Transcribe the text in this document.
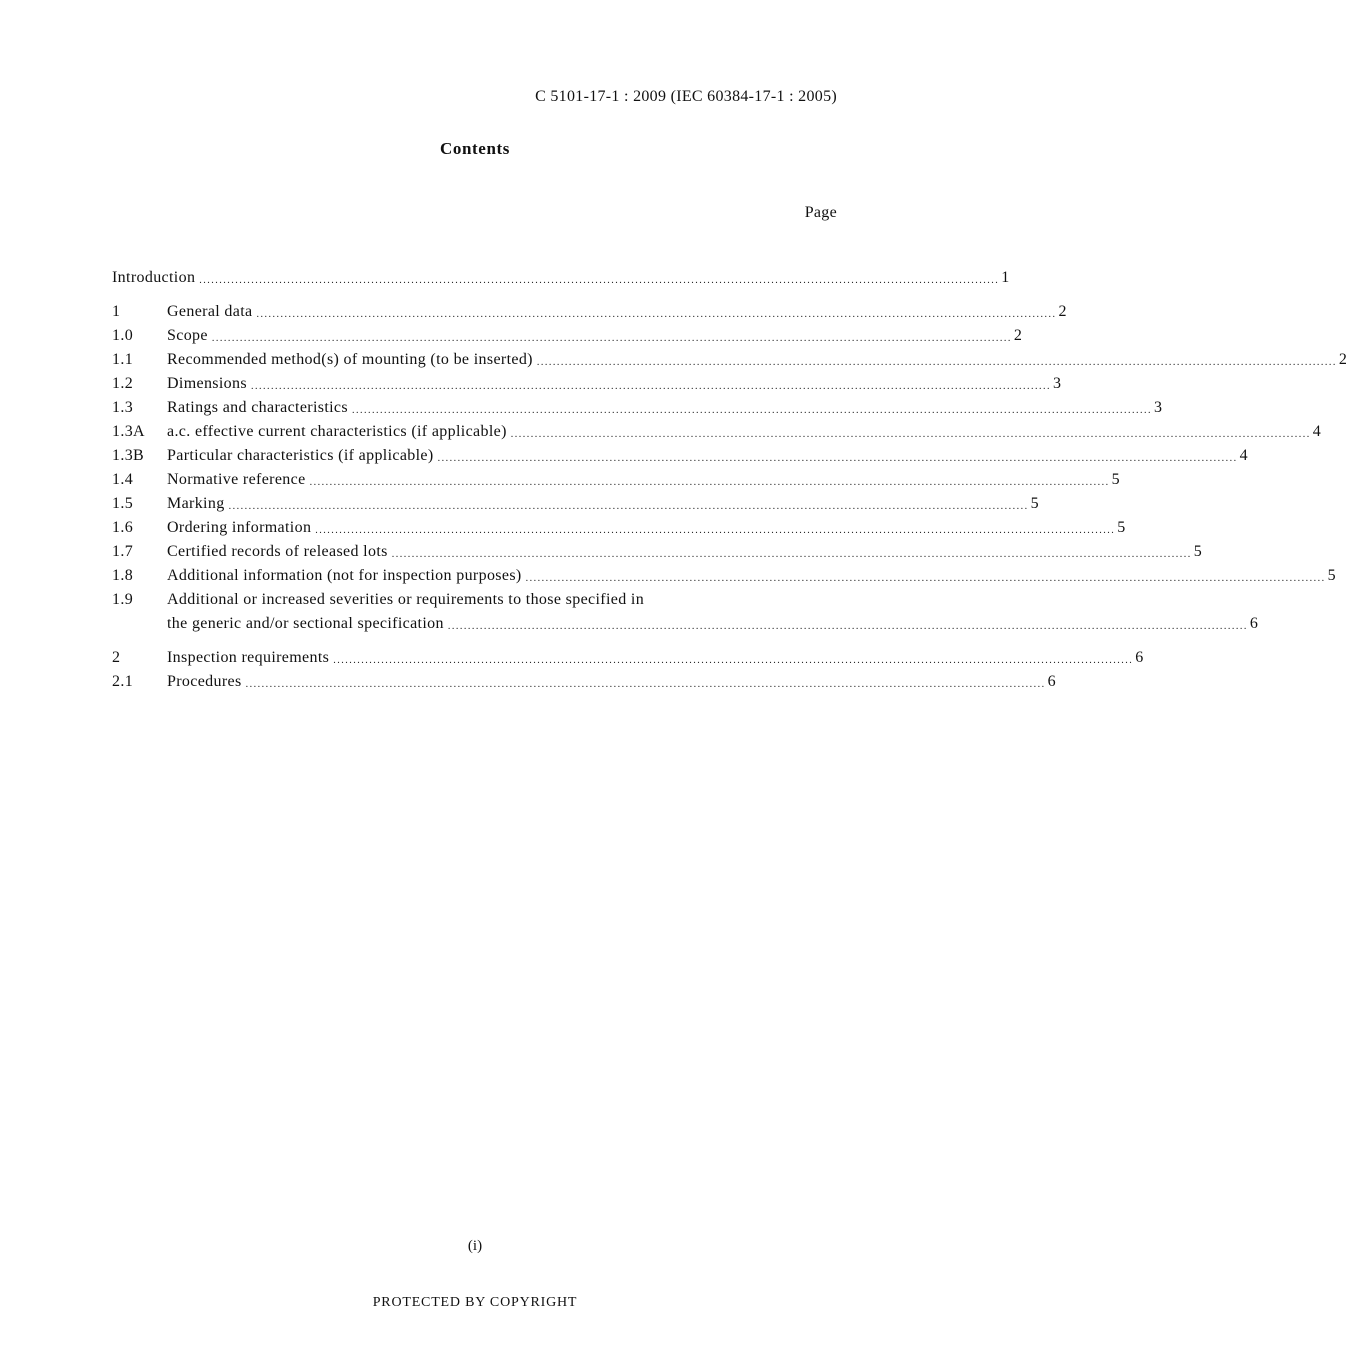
C 5101-17-1 : 2009 (IEC 60384-17-1 : 2005)
Contents
Page
Introduction ........................................................................................................................................................................................................ 1
1	General data ........................................................................................................................................................................................................ 2
1.0	Scope ........................................................................................................................................................................................................ 2
1.1	Recommended method(s) of mounting (to be inserted) ........................................................................................................................................................................................................ 2
1.2	Dimensions ........................................................................................................................................................................................................ 3
1.3	Ratings and characteristics ........................................................................................................................................................................................................ 3
1.3A	a.c. effective current characteristics (if applicable) ........................................................................................................................................................................................................ 4
1.3B	Particular characteristics (if applicable) ........................................................................................................................................................................................................ 4
1.4	Normative reference ........................................................................................................................................................................................................ 5
1.5	Marking ........................................................................................................................................................................................................ 5
1.6	Ordering information ........................................................................................................................................................................................................ 5
1.7	Certified records of released lots ........................................................................................................................................................................................................ 5
1.8	Additional information (not for inspection purposes) ........................................................................................................................................................................................................ 5
1.9	Additional or increased severities or requirements to those specified in
the generic and/or sectional specification ........................................................................................................................................................................................................ 6
2	Inspection requirements ........................................................................................................................................................................................................ 6
2.1	Procedures ........................................................................................................................................................................................................ 6
(i)
PROTECTED BY COPYRIGHT
